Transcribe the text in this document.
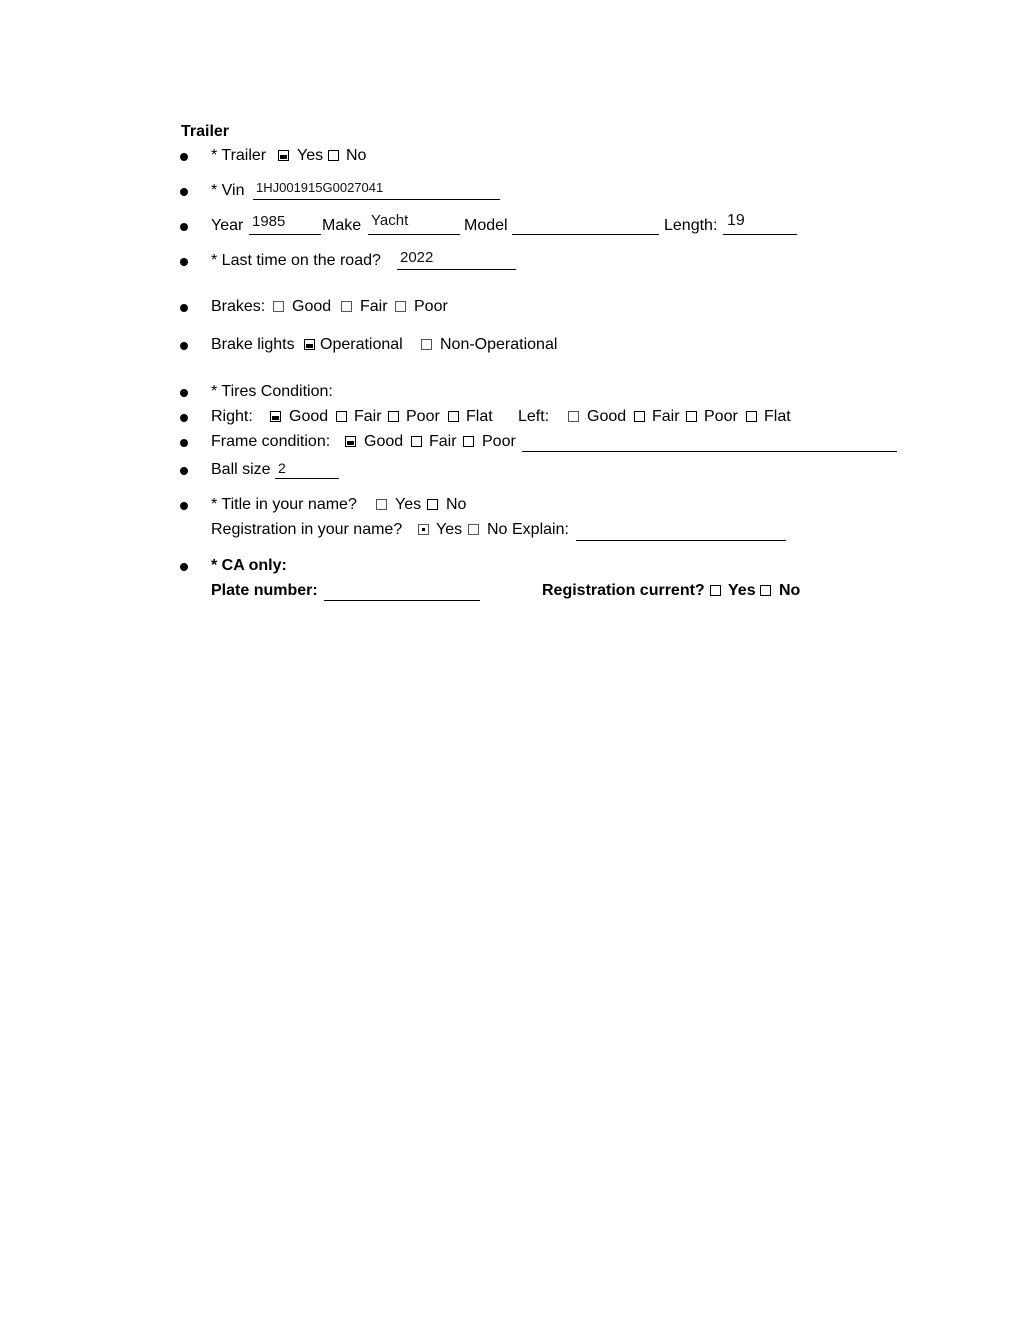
Trailer
* Trailer Yes No
* Vin 1HJ001915G0027041
Year 1985 Make Yacht	Model	Length: 19
* Last time on the road? 2022
Brakes: Good Fair Poor
Brake lights Operational Non-Operational
* Tires Condition:
Right: Good Fair Poor Flat Left: Good Fair Poor Flat
Frame condition: Good Fair Poor
Ball size 2
* Title in your name? Yes No
Registration in your name? Yes No Explain:
* CA only:
Plate number:	Registration current? Yes No
